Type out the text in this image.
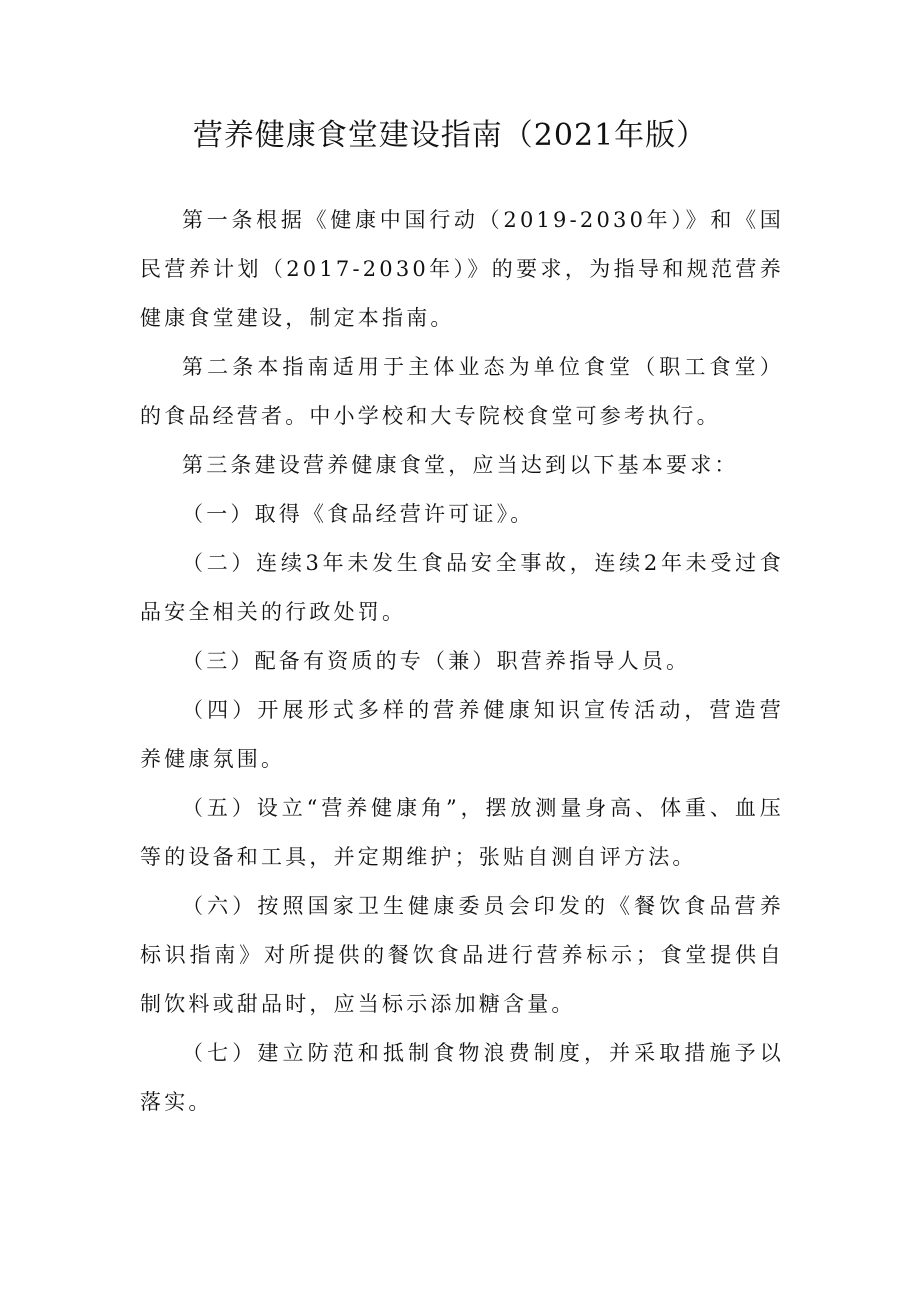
营养健康食堂建设指南（2021年版）

第一条根据《健康中国行动（2019-2030年）》和《国民营养计划（2017-2030年）》的要求，为指导和规范营养健康食堂建设，制定本指南。

第二条本指南适用于主体业态为单位食堂（职工食堂）的食品经营者。中小学校和大专院校食堂可参考执行。

第三条建设营养健康食堂，应当达到以下基本要求：

（一）取得《食品经营许可证》。

（二）连续3年未发生食品安全事故，连续2年未受过食品安全相关的行政处罚。

（三）配备有资质的专（兼）职营养指导人员。

（四）开展形式多样的营养健康知识宣传活动，营造营养健康氛围。

（五）设立“营养健康角”，摆放测量身高、体重、血压等的设备和工具，并定期维护；张贴自测自评方法。

（六）按照国家卫生健康委员会印发的《餐饮食品营养标识指南》对所提供的餐饮食品进行营养标示；食堂提供自制饮料或甜品时，应当标示添加糖含量。

（七）建立防范和抵制食物浪费制度，并采取措施予以落实。
